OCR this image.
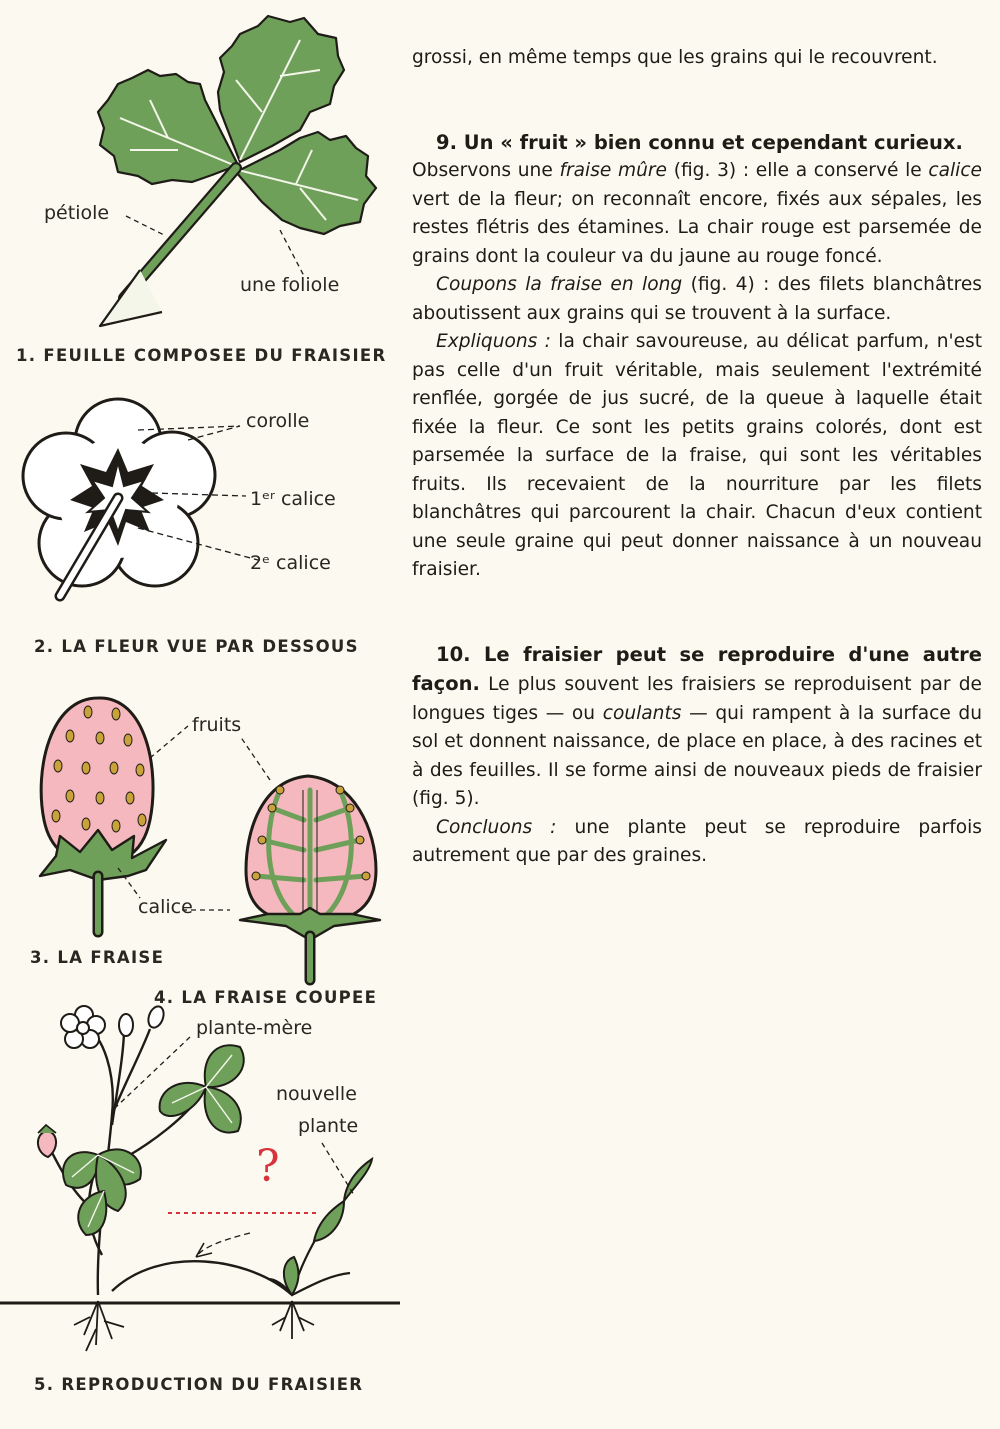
pétiole
une foliole
1. FEUILLE COMPOSEE DU FRAISIER
corolle
1ᵉʳ calice
2ᵉ calice
2. LA FLEUR VUE PAR DESSOUS
fruits
calice
3. LA FRAISE
4. LA FRAISE COUPEE
plante-mère
nouvelle
plante
?
5. REPRODUCTION DU FRAISIER

grossi, en même temps que les grains qui le recouvrent.

9. Un « fruit » bien connu et cependant curieux.

Observons une fraise mûre (fig. 3) : elle a conservé le calice vert de la fleur; on reconnaît encore, fixés aux sépales, les restes flétris des étamines. La chair rouge est parsemée de grains dont la couleur va du jaune au rouge foncé.

Coupons la fraise en long (fig. 4) : des filets blanchâtres aboutissent aux grains qui se trouvent à la surface.

Expliquons : la chair savoureuse, au délicat parfum, n'est pas celle d'un fruit véritable, mais seulement l'extrémité renflée, gorgée de jus sucré, de la queue à laquelle était fixée la fleur. Ce sont les petits grains colorés, dont est parsemée la surface de la fraise, qui sont les véritables fruits. Ils recevaient de la nourriture par les filets blanchâtres qui parcourent la chair. Chacun d'eux contient une seule graine qui peut donner naissance à un nouveau fraisier.

10. Le fraisier peut se reproduire d'une autre façon. Le plus souvent les fraisiers se reproduisent par de longues tiges — ou coulants — qui rampent à la surface du sol et donnent naissance, de place en place, à des racines et à des feuilles. Il se forme ainsi de nouveaux pieds de fraisier (fig. 5).

Concluons : une plante peut se reproduire parfois autrement que par des graines.
